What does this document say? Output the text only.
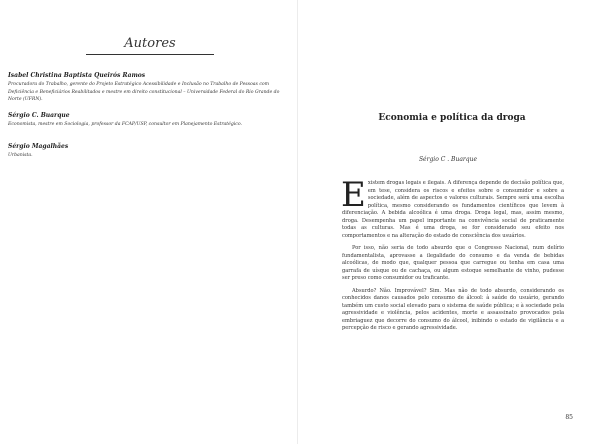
Autores

Isabel Christina Baptista Queirós Ramos

Procuradora do Trabalho, gerente do Projeto Estratégico Acessibilidade e Inclusão no Trabalho de Pessoas com Deficiência e Beneficiários Reabilitados e mestre em direito constitucional – Universidade Federal do Rio Grande do Norte (UFRN).

Sérgio C. Buarque

Economista, mestre em Sociologia, professor da FCAP/USP, consultor em Planejamento Estratégico.

Sérgio Magalhães

Urbanista.

Economia e política da droga
Sérgio C . Buarque

Existem drogas legais e ilegais. A diferença depende de decisão política que, em tese, considera os riscos e efeitos sobre o consumidor e sobre a sociedade, além de aspectos e valores culturais. Sempre será uma escolha política, mesmo considerando os fundamentos científicos que levem à diferenciação. A bebida alcoólica é uma droga. Droga legal, mas, assim mesmo, droga. Desempenha um papel importante na convivência social de praticamente todas as culturas. Mas é uma droga, se for considerado seu efeito nos comportamentos e na alteração do estado de consciência dos usuários.

Por isso, não seria de todo absurdo que o Congresso Nacional, num delírio fundamentalista, aprovasse a ilegalidade do consumo e da venda de bebidas alcoólicas, de modo que, qualquer pessoa que carregue ou tenha em casa uma garrafa de uísque ou de cachaça, ou algum estoque semelhante de vinho, pudesse ser preso como consumidor ou traficante.

Absurdo? Não. Improvável? Sim. Mas não de todo absurdo, considerando os conhecidos danos causados pelo consumo de álcool: à saúde do usuário, gerando também um custo social elevado para o sistema de saúde pública; e à sociedade pela agressividade e violência, pelos acidentes, morte e assassinato provocados pela embriaguez que decorre do consumo do álcool, inibindo o estado de vigilância e a percepção de risco e gerando agressividade.

85
